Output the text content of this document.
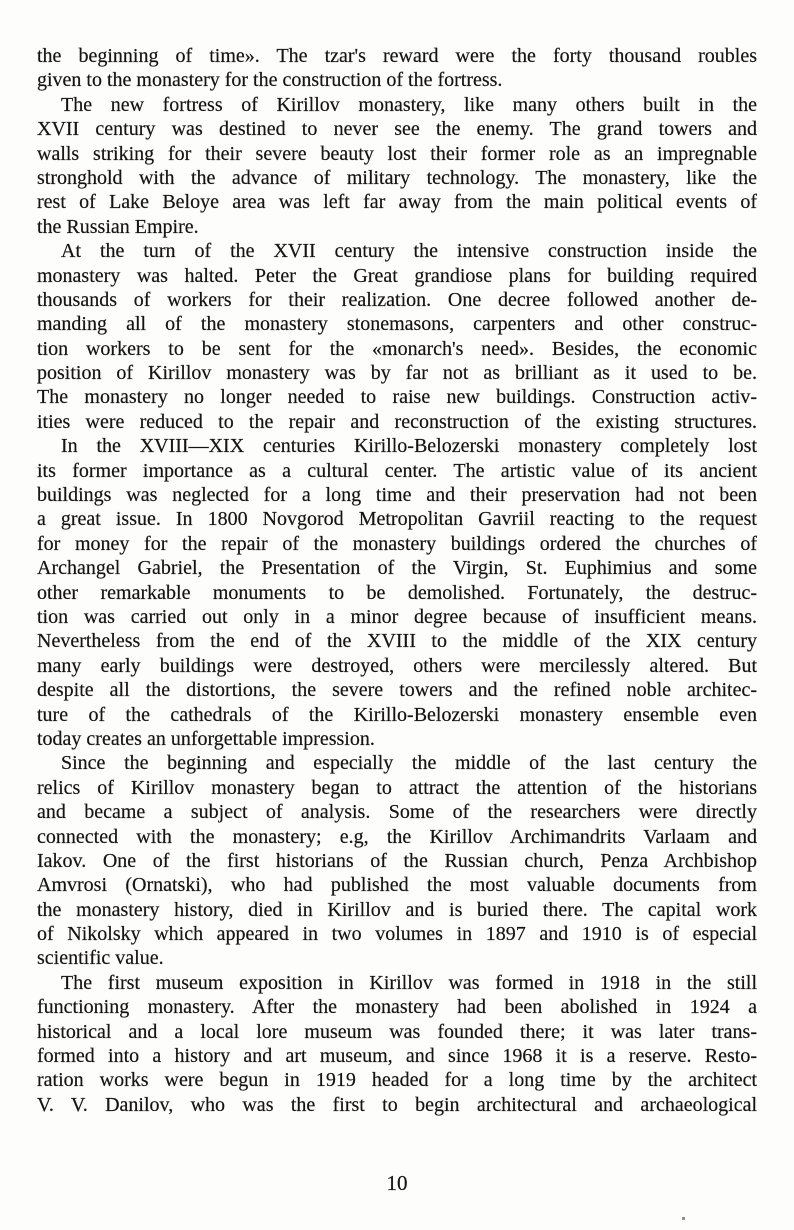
the beginning of time». The tzar's reward were the forty thousand roubles
given to the monastery for the construction of the fortress.
The new fortress of Kirillov monastery, like many others built in the
XVII century was destined to never see the enemy. The grand towers and
walls striking for their severe beauty lost their former role as an impregnable
stronghold with the advance of military technology. The monastery, like the
rest of Lake Beloye area was left far away from the main political events of
the Russian Empire.
At the turn of the XVII century the intensive construction inside the
monastery was halted. Peter the Great grandiose plans for building required
thousands of workers for their realization. One decree followed another de-
manding all of the monastery stonemasons, carpenters and other construc-
tion workers to be sent for the «monarch's need». Besides, the economic
position of Kirillov monastery was by far not as brilliant as it used to be.
The monastery no longer needed to raise new buildings. Construction activ-
ities were reduced to the repair and reconstruction of the existing structures.
In the XVIII—XIX centuries Kirillo-Belozerski monastery completely lost
its former importance as a cultural center. The artistic value of its ancient
buildings was neglected for a long time and their preservation had not been
a great issue. In 1800 Novgorod Metropolitan Gavriil reacting to the request
for money for the repair of the monastery buildings ordered the churches of
Archangel Gabriel, the Presentation of the Virgin, St. Euphimius and some
other remarkable monuments to be demolished. Fortunately, the destruc-
tion was carried out only in a minor degree because of insufficient means.
Nevertheless from the end of the XVIII to the middle of the XIX century
many early buildings were destroyed, others were mercilessly altered. But
despite all the distortions, the severe towers and the refined noble architec-
ture of the cathedrals of the Kirillo-Belozerski monastery ensemble even
today creates an unforgettable impression.
Since the beginning and especially the middle of the last century the
relics of Kirillov monastery began to attract the attention of the historians
and became a subject of analysis. Some of the researchers were directly
connected with the monastery; e.g, the Kirillov Archimandrits Varlaam and
Iakov. One of the first historians of the Russian church, Penza Archbishop
Amvrosi (Ornatski), who had published the most valuable documents from
the monastery history, died in Kirillov and is buried there. The capital work
of Nikolsky which appeared in two volumes in 1897 and 1910 is of especial
scientific value.
The first museum exposition in Kirillov was formed in 1918 in the still
functioning monastery. After the monastery had been abolished in 1924 a
historical and a local lore museum was founded there; it was later trans-
formed into a history and art museum, and since 1968 it is a reserve. Resto-
ration works were begun in 1919 headed for a long time by the architect
V. V. Danilov, who was the first to begin architectural and archaeological
10
